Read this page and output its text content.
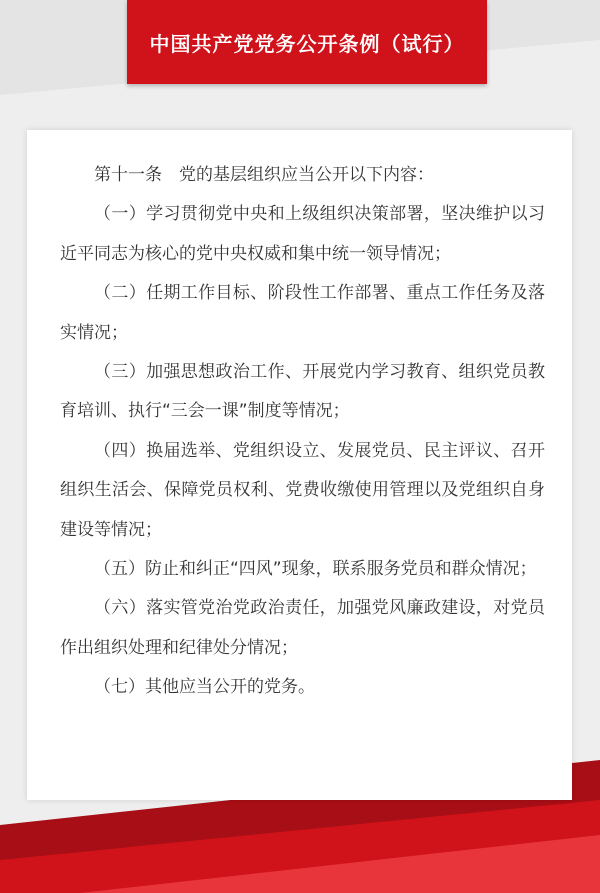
中国共产党党务公开条例（试行）

第十一条　党的基层组织应当公开以下内容：

（一）学习贯彻党中央和上级组织决策部署，坚决维护以习近平同志为核心的党中央权威和集中统一领导情况；

（二）任期工作目标、阶段性工作部署、重点工作任务及落实情况；

（三）加强思想政治工作、开展党内学习教育、组织党员教育培训、执行“三会一课”制度等情况；

（四）换届选举、党组织设立、发展党员、民主评议、召开组织生活会、保障党员权利、党费收缴使用管理以及党组织自身建设等情况；

（五）防止和纠正“四风”现象，联系服务党员和群众情况；

（六）落实管党治党政治责任，加强党风廉政建设，对党员作出组织处理和纪律处分情况；

（七）其他应当公开的党务。
